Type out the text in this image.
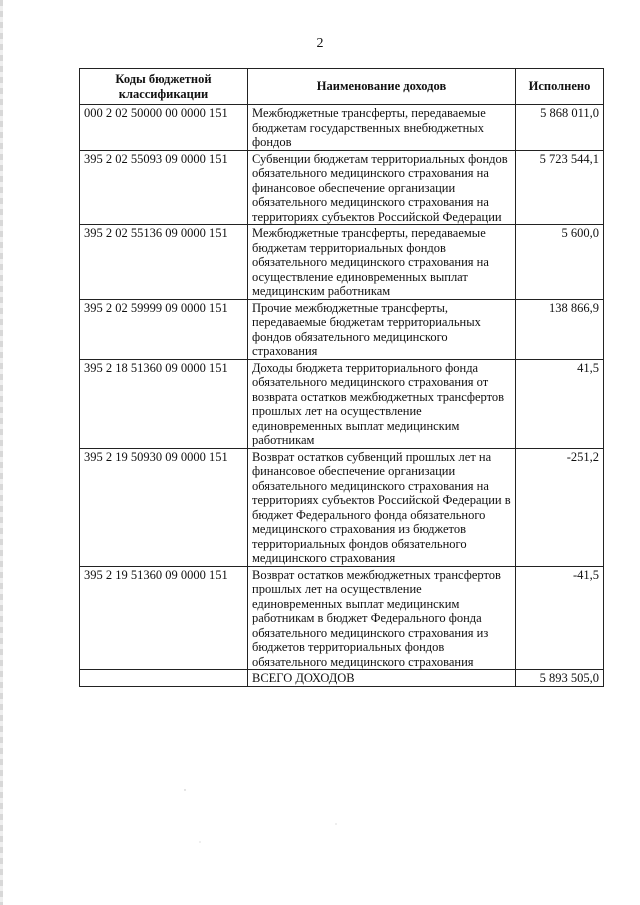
2
Коды бюджетной классификации	Наименование доходов	Исполнено
000 2 02 50000 00 0000 151	Межбюджетные трансферты, передаваемые бюджетам государственных внебюджетных фондов	5 868 011,0
395 2 02 55093 09 0000 151	Субвенции бюджетам территориальных фондов обязательного медицинского страхования на финансовое обеспечение организации обязательного медицинского страхования на территориях субъектов Российской Федерации	5 723 544,1
395 2 02 55136 09 0000 151	Межбюджетные трансферты, передаваемые бюджетам территориальных фондов обязательного медицинского страхования на осуществление единовременных выплат медицинским работникам	5 600,0
395 2 02 59999 09 0000 151	Прочие межбюджетные трансферты, передаваемые бюджетам территориальных фондов обязательного медицинского страхования	138 866,9
395 2 18 51360 09 0000 151	Доходы бюджета территориального фонда обязательного медицинского страхования от возврата остатков межбюджетных трансфертов прошлых лет на осуществление единовременных выплат медицинским работникам	41,5
395 2 19 50930 09 0000 151	Возврат остатков субвенций прошлых лет на финансовое обеспечение организации обязательного медицинского страхования на территориях субъектов Российской Федерации в бюджет Федерального фонда обязательного медицинского страхования из бюджетов территориальных фондов обязательного медицинского страхования	-251,2
395 2 19 51360 09 0000 151	Возврат остатков межбюджетных трансфертов прошлых лет на осуществление единовременных выплат медицинским работникам в бюджет Федерального фонда обязательного медицинского страхования из бюджетов территориальных фондов обязательного медицинского страхования	-41,5
	ВСЕГО ДОХОДОВ	5 893 505,0
